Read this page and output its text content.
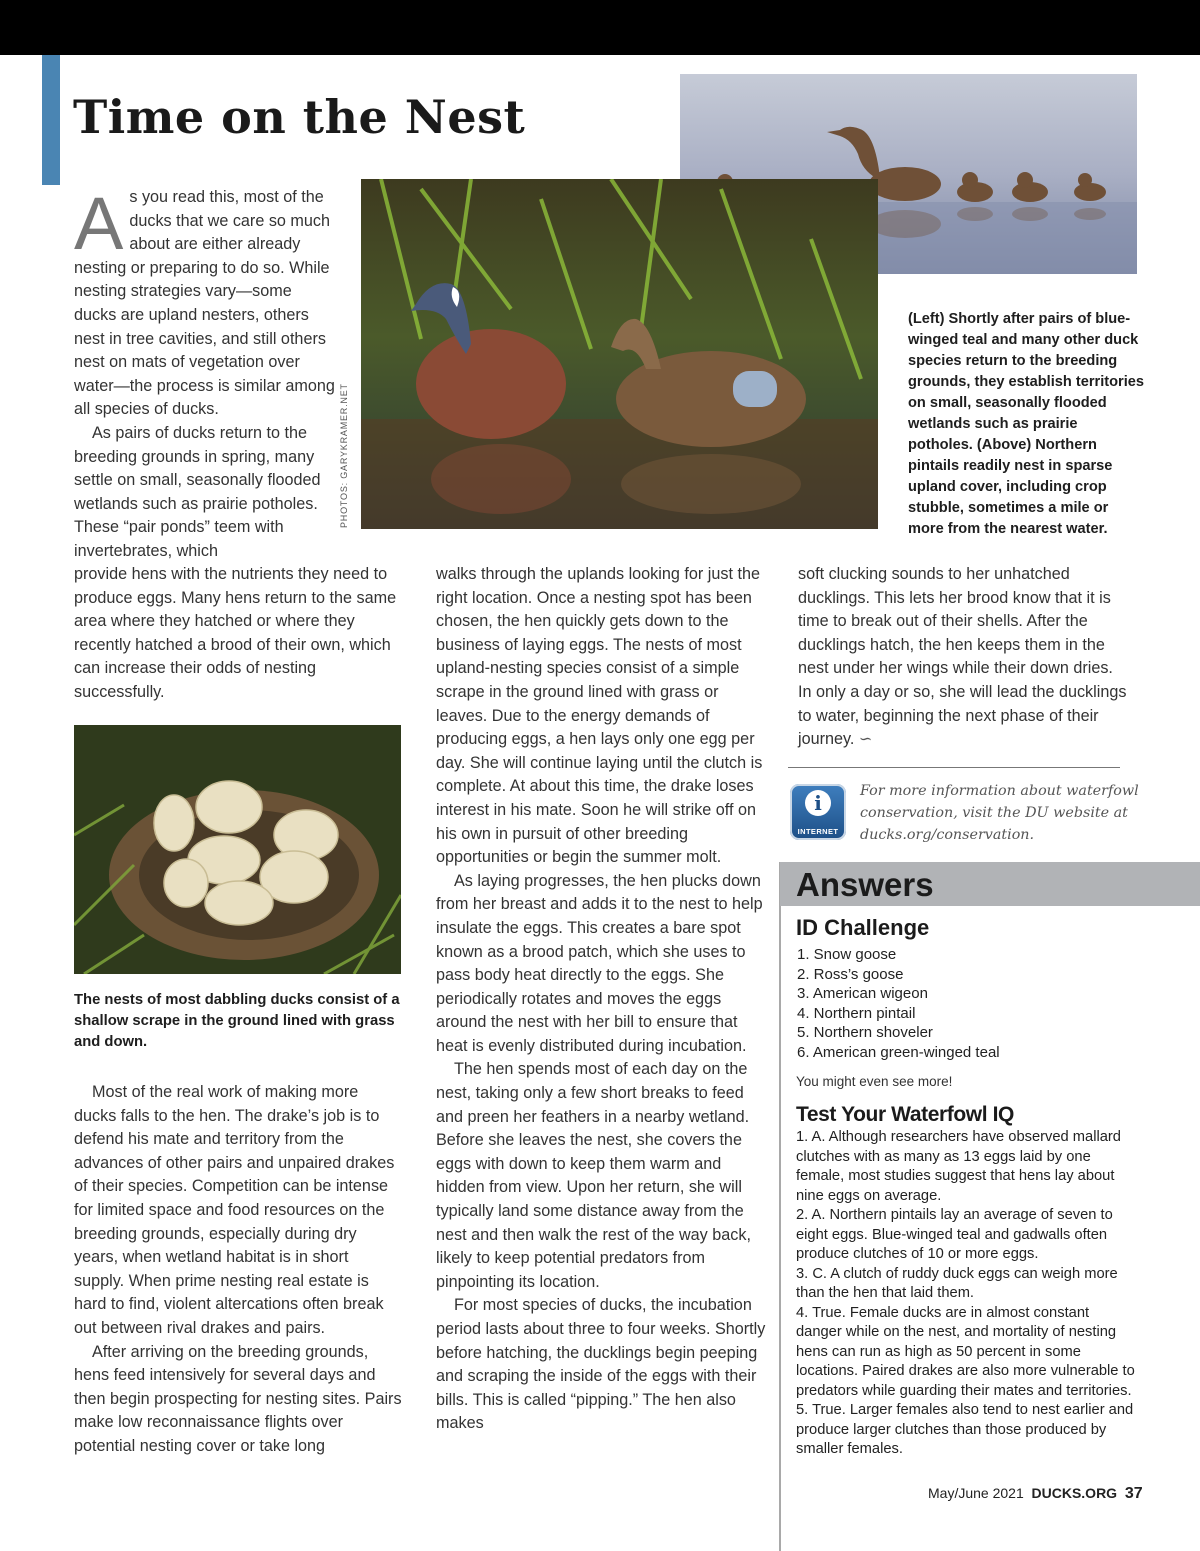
Time on the Nest
PHOTOS: GARYKRAMER.NET
(Left) Shortly after pairs of blue-winged teal and many other duck species return to the breeding grounds, they establish territories on small, seasonally flooded wetlands such as prairie potholes. (Above) Northern pintails readily nest in sparse upland cover, including crop stubble, sometimes a mile or more from the nearest water.

As you read this, most of the ducks that we care so much about are either already nesting or preparing to do so. While nesting strategies vary—some ducks are upland nesters, others nest in tree cavities, and still others nest on mats of vegetation over water—the process is similar among all species of ducks.

As pairs of ducks return to the breeding grounds in spring, many settle on small, seasonally flooded wetlands such as prairie potholes. These “pair ponds” teem with invertebrates, which

provide hens with the nutrients they need to produce eggs. Many hens return to the same area where they hatched or where they recently hatched a brood of their own, which can increase their odds of nesting successfully.

The nests of most dabbling ducks consist of a shallow scrape in the ground lined with grass and down.

Most of the real work of making more ducks falls to the hen. The drake’s job is to defend his mate and territory from the advances of other pairs and unpaired drakes of their species. Competition can be intense for limited space and food resources on the breeding grounds, especially during dry years, when wetland habitat is in short supply. When prime nesting real estate is hard to find, violent altercations often break out between rival drakes and pairs.

After arriving on the breeding grounds, hens feed intensively for several days and then begin prospecting for nesting sites. Pairs make low reconnaissance flights over potential nesting cover or take long

walks through the uplands looking for just the right location. Once a nesting spot has been chosen, the hen quickly gets down to the business of laying eggs. The nests of most upland-nesting species consist of a simple scrape in the ground lined with grass or leaves. Due to the energy demands of producing eggs, a hen lays only one egg per day. She will continue laying until the clutch is complete. At about this time, the drake loses interest in his mate. Soon he will strike off on his own in pursuit of other breeding opportunities or begin the summer molt.

As laying progresses, the hen plucks down from her breast and adds it to the nest to help insulate the eggs. This creates a bare spot known as a brood patch, which she uses to pass body heat directly to the eggs. She periodically rotates and moves the eggs around the nest with her bill to ensure that heat is evenly distributed during incubation.

The hen spends most of each day on the nest, taking only a few short breaks to feed and preen her feathers in a nearby wetland. Before she leaves the nest, she covers the eggs with down to keep them warm and hidden from view. Upon her return, she will typically land some distance away from the nest and then walk the rest of the way back, likely to keep potential predators from pinpointing its location.

For most species of ducks, the incubation period lasts about three to four weeks. Shortly before hatching, the ducklings begin peeping and scraping the inside of the eggs with their bills. This is called “pipping.” The hen also makes

soft clucking sounds to her unhatched ducklings. This lets her brood know that it is time to break out of their shells. After the ducklings hatch, the hen keeps them in the nest under her wings while their down dries. In only a day or so, she will lead the ducklings to water, beginning the next phase of their journey. ∽

i
INTERNET
For more information about waterfowl conservation, visit the DU website at ducks.org/conservation.
Answers
ID Challenge
1. Snow goose
2. Ross’s goose
3. American wigeon
4. Northern pintail
5. Northern shoveler
6. American green-winged teal
You might even see more!
Test Your Waterfowl IQ

1. A. Although researchers have observed mallard clutches with as many as 13 eggs laid by one female, most studies suggest that hens lay about nine eggs on average.

2. A. Northern pintails lay an average of seven to eight eggs. Blue-winged teal and gadwalls often produce clutches of 10 or more eggs.

3. C. A clutch of ruddy duck eggs can weigh more than the hen that laid them.

4. True. Female ducks are in almost constant danger while on the nest, and mortality of nesting hens can run as high as 50 percent in some locations. Paired drakes are also more vulnerable to predators while guarding their mates and territories.

5. True. Larger females also tend to nest earlier and produce larger clutches than those produced by smaller females.

May/June 2021 DUCKS.ORG 37
